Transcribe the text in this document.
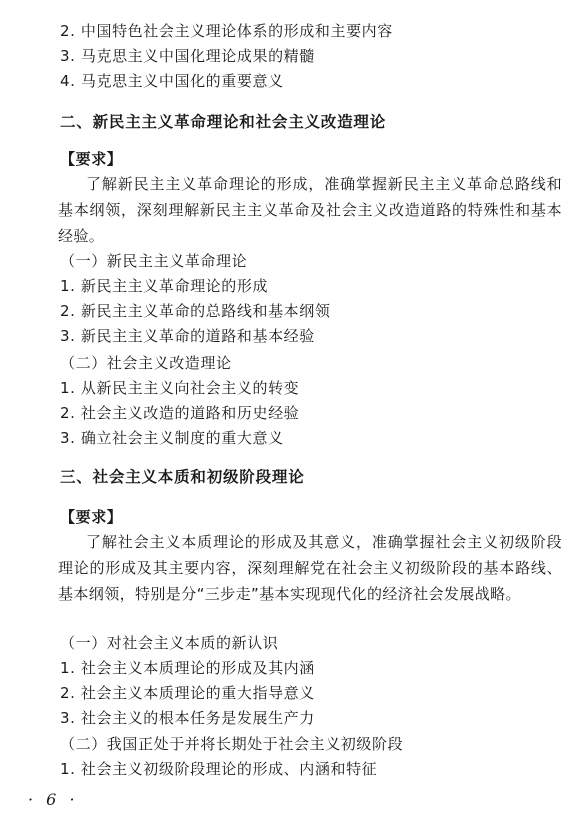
2. 中国特色社会主义理论体系的形成和主要内容
3. 马克思主义中国化理论成果的精髓
4. 马克思主义中国化的重要意义
二、新民主主义革命理论和社会主义改造理论
【要求】
了解新民主主义革命理论的形成，准确掌握新民主主义革命总路线和基本纲领，深刻理解新民主主义革命及社会主义改造道路的特殊性和基本经验。
（一）新民主主义革命理论
1. 新民主主义革命理论的形成
2. 新民主主义革命的总路线和基本纲领
3. 新民主主义革命的道路和基本经验
（二）社会主义改造理论
1. 从新民主主义向社会主义的转变
2. 社会主义改造的道路和历史经验
3. 确立社会主义制度的重大意义
三、社会主义本质和初级阶段理论
【要求】
了解社会主义本质理论的形成及其意义，准确掌握社会主义初级阶段理论的形成及其主要内容，深刻理解党在社会主义初级阶段的基本路线、基本纲领，特别是分“三步走”基本实现现代化的经济社会发展战略。
（一）对社会主义本质的新认识
1. 社会主义本质理论的形成及其内涵
2. 社会主义本质理论的重大指导意义
3. 社会主义的根本任务是发展生产力
（二）我国正处于并将长期处于社会主义初级阶段
1. 社会主义初级阶段理论的形成、内涵和特征
· 6 ·
